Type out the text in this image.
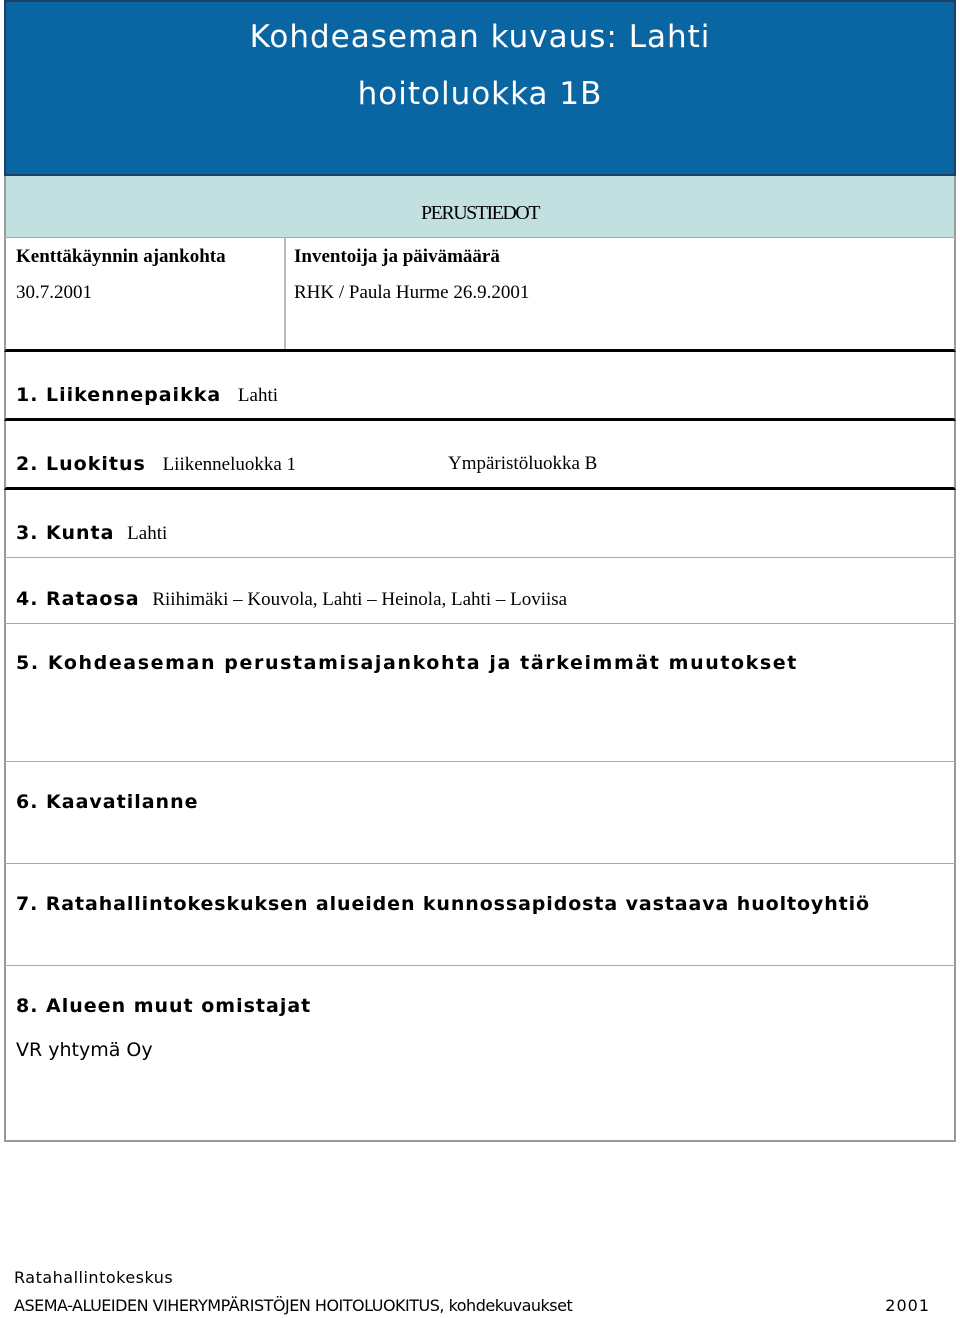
Kohdeaseman kuvaus: Lahti
hoitoluokka 1B
PERUSTIEDOT
Kenttäkäynnin ajankohta
30.7.2001
Inventoija ja päivämäärä
RHK / Paula Hurme 26.9.2001
1. Liikennepaikka Lahti
2. Luokitus Liikenneluokka 1	Ympäristöluokka B
3. Kunta Lahti
4. Rataosa Riihimäki – Kouvola, Lahti – Heinola, Lahti – Loviisa
5. Kohdeaseman perustamisajankohta ja tärkeimmät muutokset
6. Kaavatilanne
7. Ratahallintokeskuksen alueiden kunnossapidosta vastaava huoltoyhtiö
8. Alueen muut omistajat
VR yhtymä Oy
Ratahallintokeskus
ASEMA-ALUEIDEN VIHERYMPÄRISTÖJEN HOITOLUOKITUS, kohdekuvaukset	2001
